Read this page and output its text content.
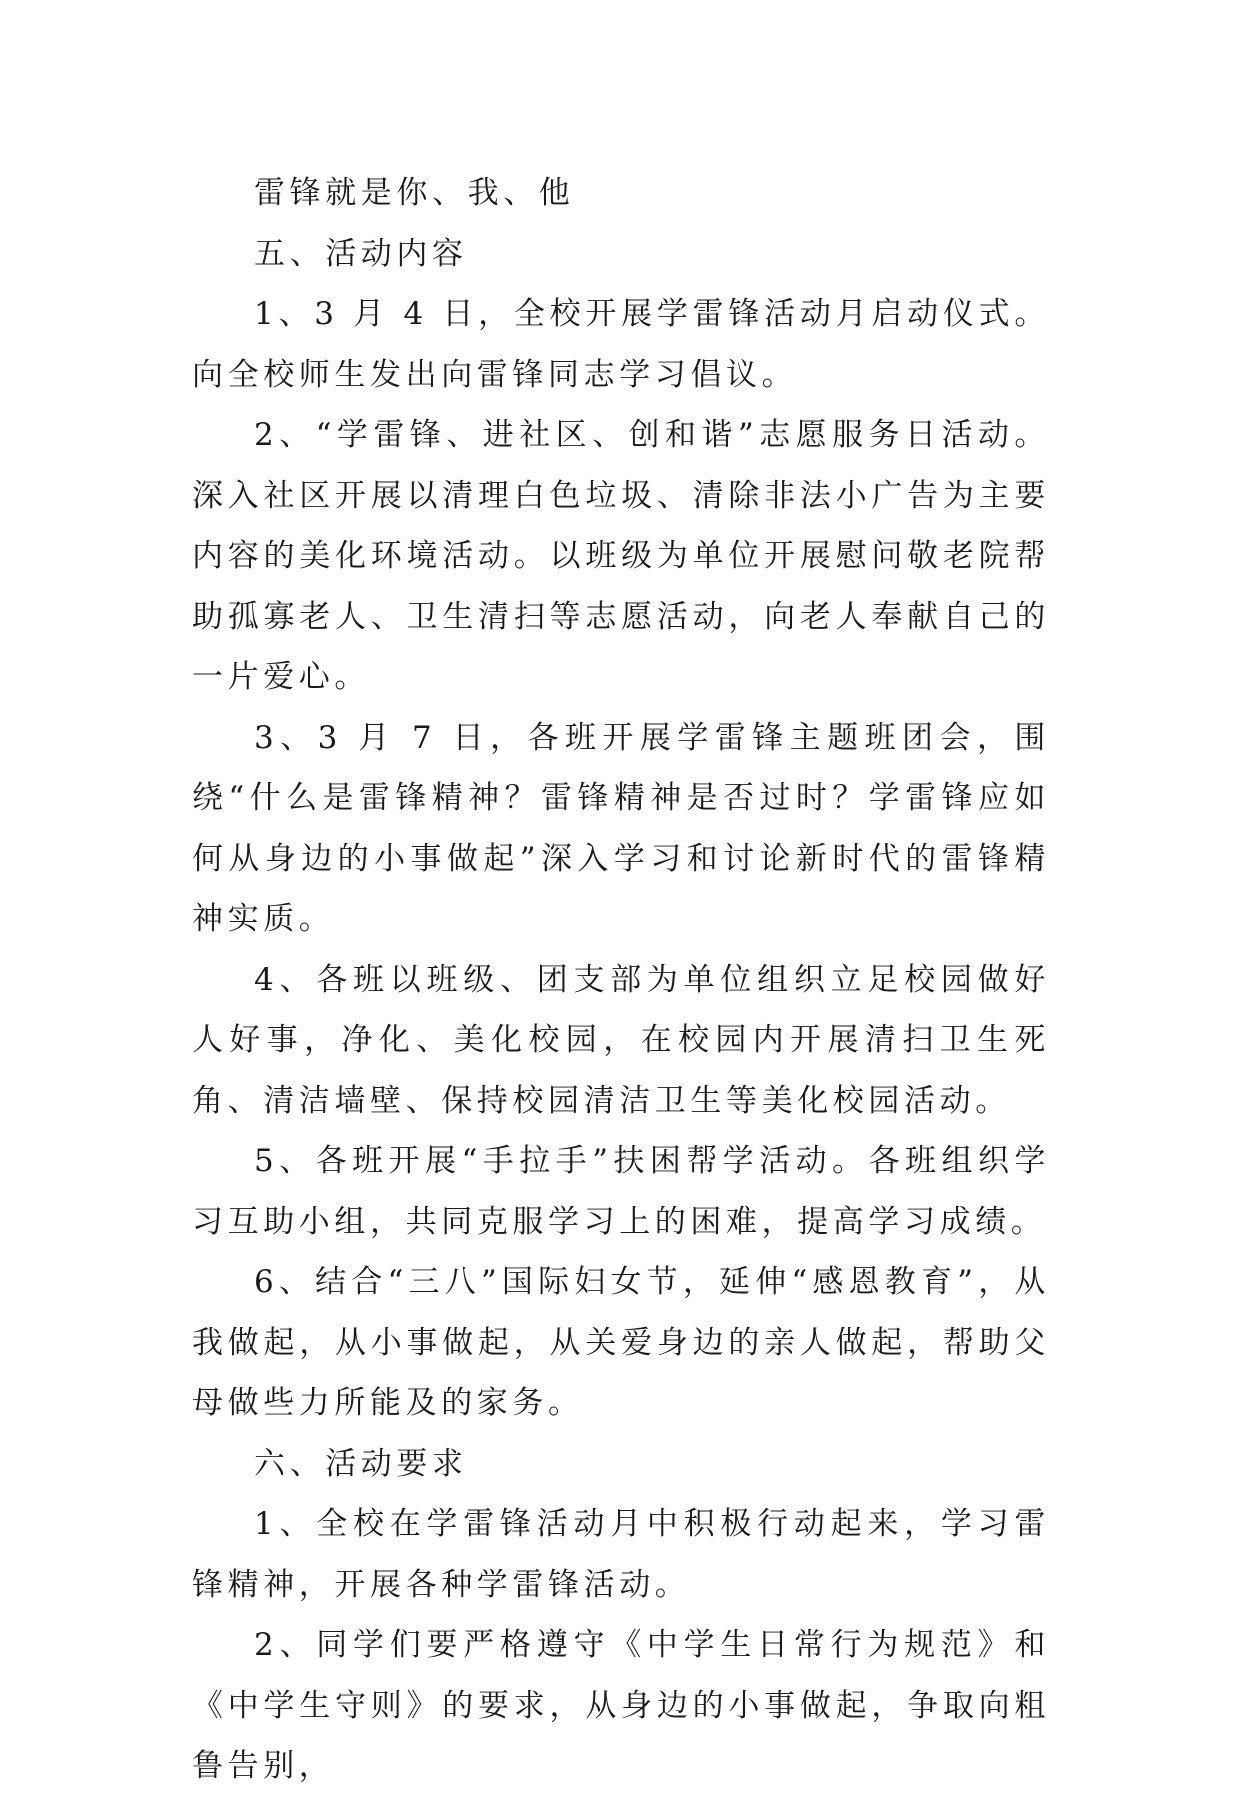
雷锋就是你、我、他

五、活动内容

1、3 月 4 日，全校开展学雷锋活动月启动仪式。向全校师生发出向雷锋同志学习倡议。

2、“学雷锋、进社区、创和谐”志愿服务日活动。深入社区开展以清理白色垃圾、清除非法小广告为主要内容的美化环境活动。以班级为单位开展慰问敬老院帮助孤寡老人、卫生清扫等志愿活动，向老人奉献自己的一片爱心。

3、3 月 7 日，各班开展学雷锋主题班团会，围绕“什么是雷锋精神？雷锋精神是否过时？学雷锋应如何从身边的小事做起”深入学习和讨论新时代的雷锋精神实质。

4、各班以班级、团支部为单位组织立足校园做好人好事，净化、美化校园，在校园内开展清扫卫生死角、清洁墙壁、保持校园清洁卫生等美化校园活动。

5、各班开展“手拉手”扶困帮学活动。各班组织学习互助小组，共同克服学习上的困难，提高学习成绩。

6、结合“三八”国际妇女节，延伸“感恩教育”，从我做起，从小事做起，从关爱身边的亲人做起，帮助父母做些力所能及的家务。

六、活动要求

1、全校在学雷锋活动月中积极行动起来，学习雷锋精神，开展各种学雷锋活动。

2、同学们要严格遵守《中学生日常行为规范》和《中学生守则》的要求，从身边的小事做起，争取向粗鲁告别，
